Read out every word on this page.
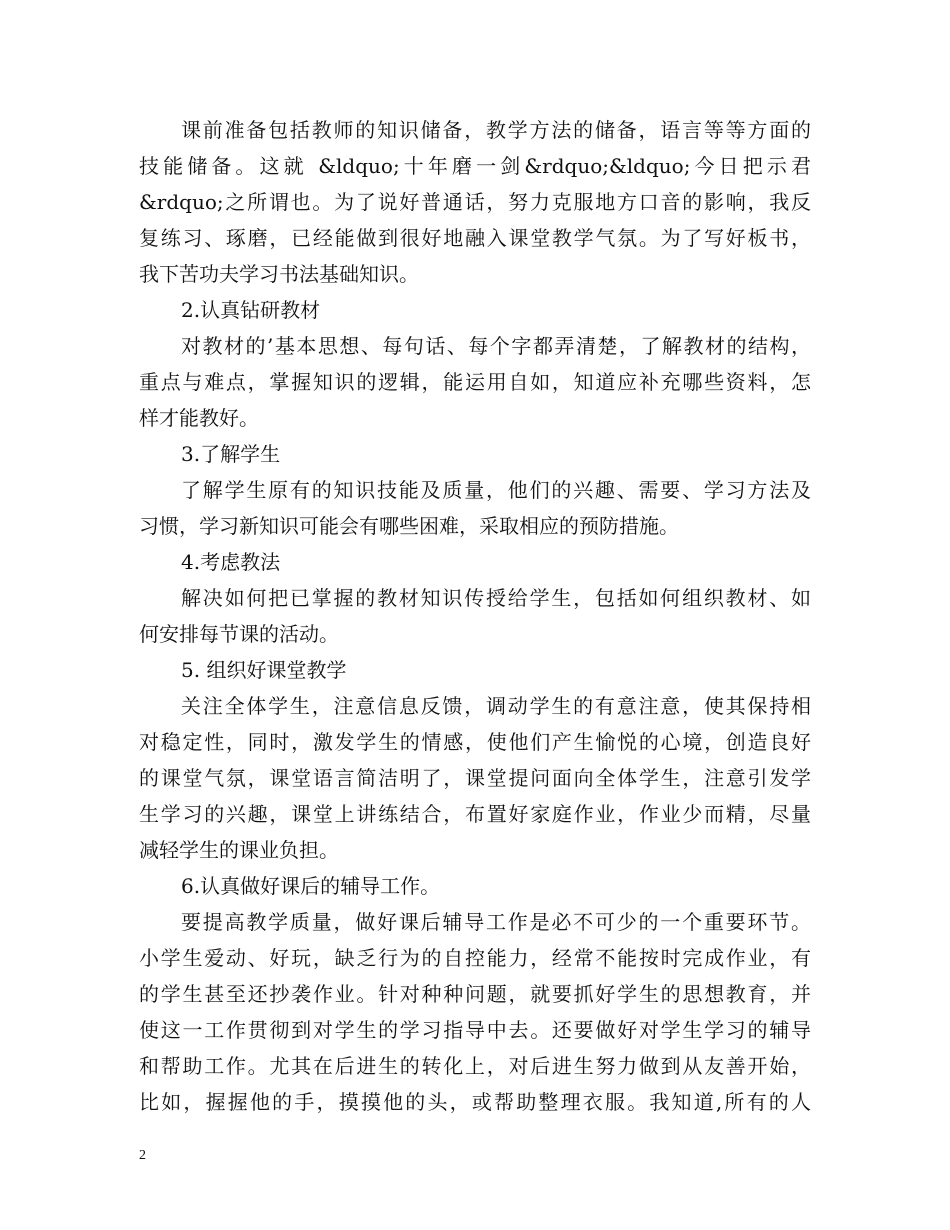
课前准备包括教师的知识储备，教学方法的储备，语言等等方面的
技能储备。这就 &ldquo;十年磨一剑&rdquo;&ldquo;今日把示君
&rdquo;之所谓也。为了说好普通话，努力克服地方口音的影响，我反
复练习、琢磨，已经能做到很好地融入课堂教学气氛。为了写好板书，
我下苦功夫学习书法基础知识。
2.认真钻研教材
对教材的’基本思想、每句话、每个字都弄清楚，了解教材的结构，
重点与难点，掌握知识的逻辑，能运用自如，知道应补充哪些资料，怎
样才能教好。
3.了解学生
了解学生原有的知识技能及质量，他们的兴趣、需要、学习方法及
习惯，学习新知识可能会有哪些困难，采取相应的预防措施。
4.考虑教法
解决如何把已掌握的教材知识传授给学生，包括如何组织教材、如
何安排每节课的活动。
5. 组织好课堂教学
关注全体学生，注意信息反馈，调动学生的有意注意，使其保持相
对稳定性，同时，激发学生的情感，使他们产生愉悦的心境，创造良好
的课堂气氛，课堂语言简洁明了，课堂提问面向全体学生，注意引发学
生学习的兴趣，课堂上讲练结合，布置好家庭作业，作业少而精，尽量
减轻学生的课业负担。
6.认真做好课后的辅导工作。
要提高教学质量，做好课后辅导工作是必不可少的一个重要环节。
小学生爱动、好玩，缺乏行为的自控能力，经常不能按时完成作业，有
的学生甚至还抄袭作业。针对种种问题，就要抓好学生的思想教育，并
使这一工作贯彻到对学生的学习指导中去。还要做好对学生学习的辅导
和帮助工作。尤其在后进生的转化上，对后进生努力做到从友善开始，
比如，握握他的手，摸摸他的头，或帮助整理衣服。我知道,所有的人
2
